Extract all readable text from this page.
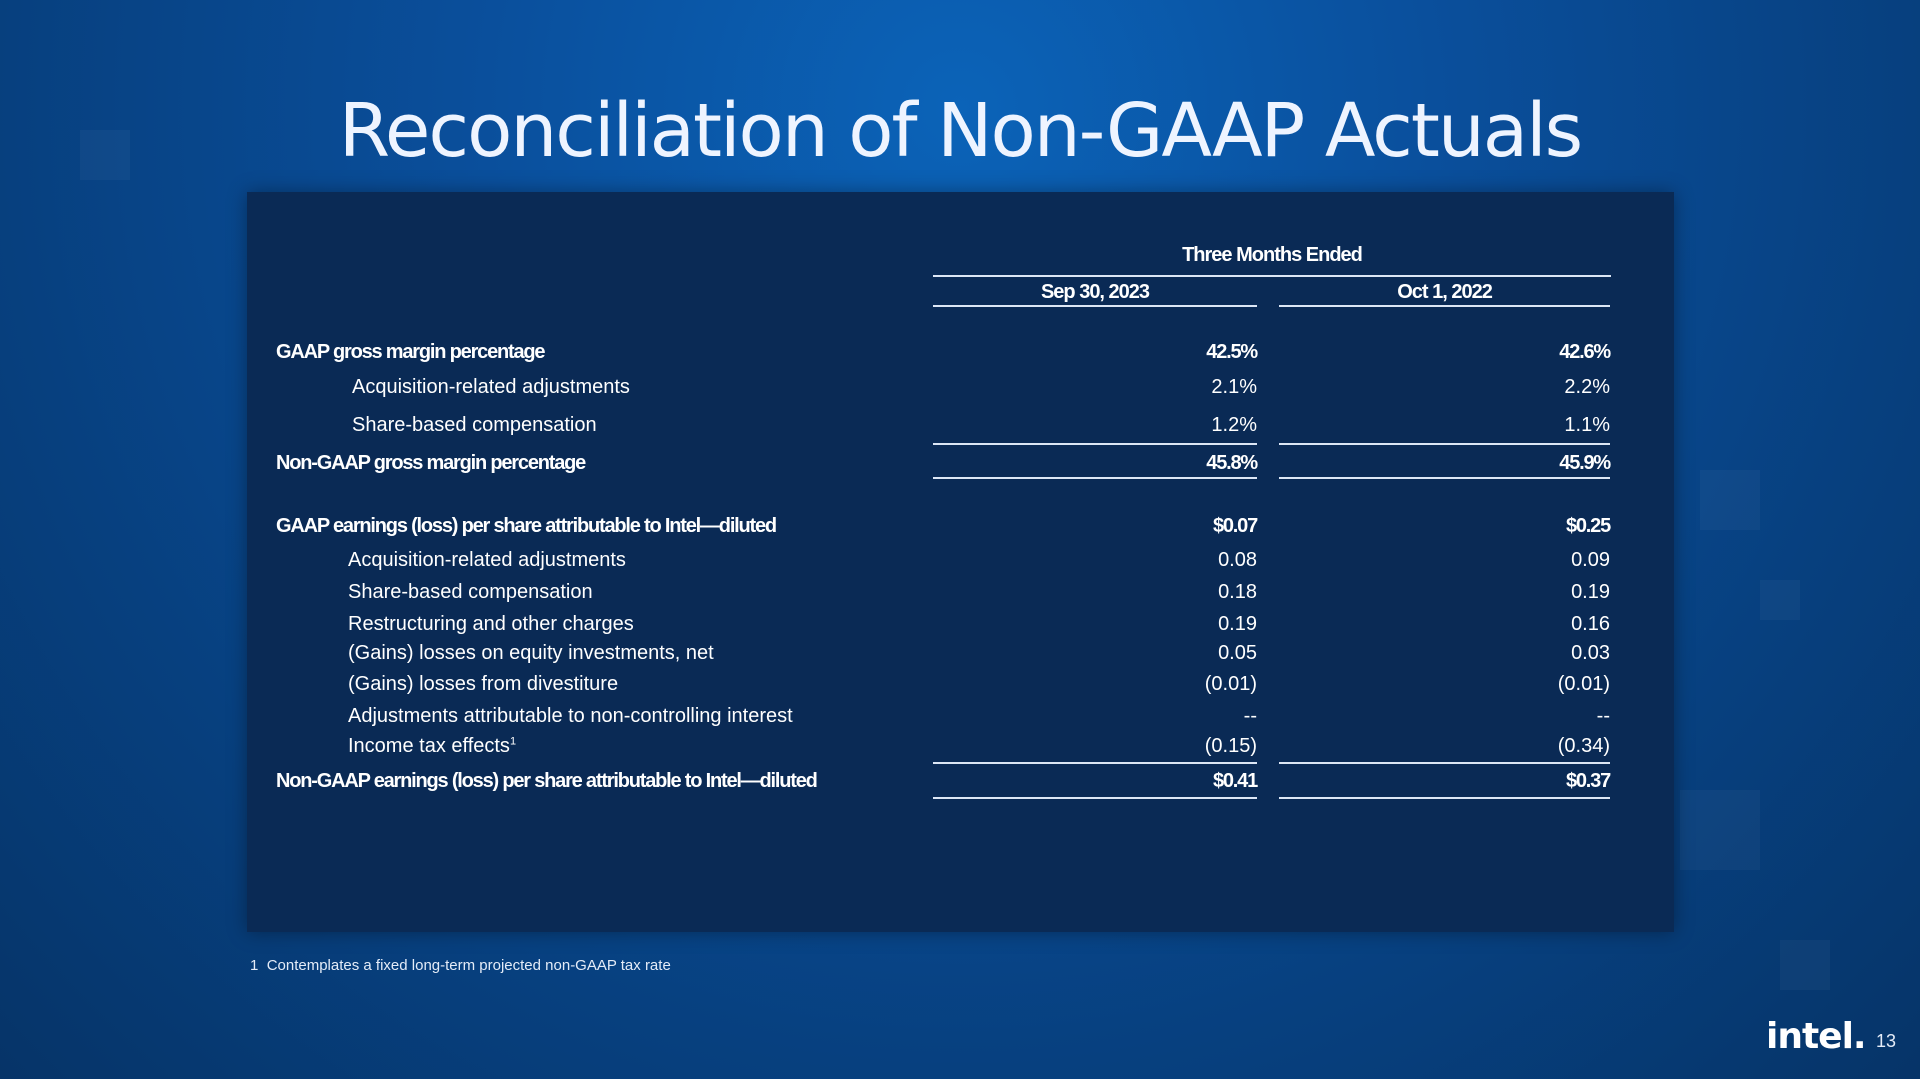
Reconciliation of Non-GAAP Actuals
Three Months Ended
Sep 30, 2023	Oct 1, 2022
GAAP gross margin percentage	42.5%	42.6%
Acquisition-related adjustments	2.1%	2.2%
Share-based compensation	1.2%	1.1%
Non-GAAP gross margin percentage	45.8%	45.9%
GAAP earnings (loss) per share attributable to Intel—diluted	$0.07	$0.25
Acquisition-related adjustments	0.08	0.09
Share-based compensation	0.18	0.19
Restructuring and other charges	0.19	0.16
(Gains) losses on equity investments, net	0.05	0.03
(Gains) losses from divestiture	(0.01)	(0.01)
Adjustments attributable to non-controlling interest	--	--
Income tax effects$^1$	(0.15)	(0.34)
Non-GAAP earnings (loss) per share attributable to Intel—diluted	$0.41	$0.37
1 Contemplates a fixed long-term projected non-GAAP tax rate
intel. 13
